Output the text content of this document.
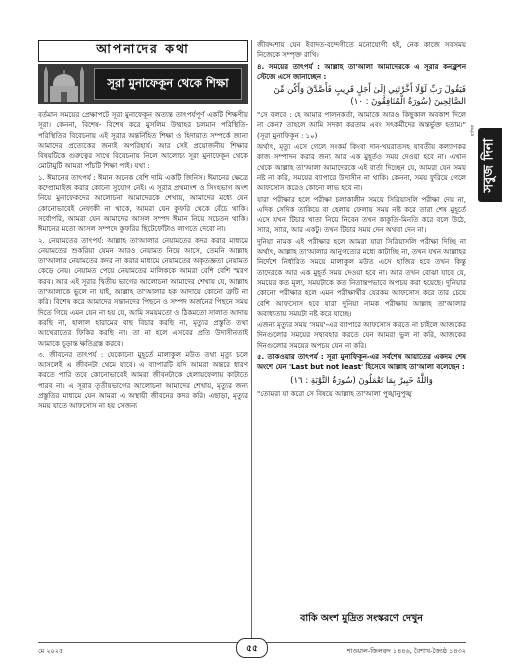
আপনাদের কথা
সূরা মুনাফেকূন থেকে শিক্ষা

বর্তমান সময়ের প্রেক্ষাপটে সূরা মুনাফেকূন অত্যন্ত তাৎপর্যপূর্ণ একটি শিক্ষণীয় সূরা। কেননা, বিশেষ- বিশেষ করে মুসলিম উম্মাহর চলমান পরিস্থিতি-পরিস্থিতির বিবেচনায় এই সূরার অন্তর্নিহিত শিক্ষা ও হিদায়াত সম্পর্কে জানা আমাদের প্রত্যেকের জন্যই অপরিহার্য। আর সেই প্রয়োজনীয় শিক্ষার বিষয়টিকে গুরুত্বের সাথে বিবেচনায় নিলে আলোচ্য সূরা মুনাফেকূন থেকে মোটামুটি আমরা পাঁচটি শিক্ষা পাই। যথা :

১. ঈমানের তাৎপর্য : ঈমান অনেক বেশি দামি একটি জিনিস। ঈমানের ক্ষেত্রে কম্প্রোমাইজ করার কোনো সুযোগ নেই। এ সূরার প্রথমাংশ ও সিংহভাগ অংশ নিয়ে মুনাফেকদের আলোচনা আমাদেরকে শেখায়, আমাদের মধ্যে যেন কোনোভাবেই নেফাকী না থাকে, আমরা যেন কুফরি থেকে বেঁচে থাকি। সর্বোপরি, আমরা যেন আমাদের আসল সম্পদ ঈমান নিয়ে সচেতন থাকি। ঈমানের মতো আসল সম্পদে কুফরির ছিটেফোঁটাও লাগতে দেবো না।

২. নেয়ামতের তাৎপর্য: আল্লাহ তা'আলার নেয়ামতের কদর করার মাধ্যমে নেয়ামতের শুকরিয়া যেমন আরও নেয়ামত নিয়ে আসে, তেমনি আল্লাহ তা'আলার নেয়ামতের কদর না করার মাধ্যমে নেয়ামতের অকৃতজ্ঞতা নেয়ামত কেড়ে নেয়। নেয়ামত পেয়ে নেয়ামতের মালিককে আমরা বেশি বেশি স্মরণ করব। আর এই সূরার দ্বিতীয় ভাগের আলোচনা আমাদের শেখায় যে, আল্লাহ তা'আলাকে ভুলে না যাই, আল্লাহ তা'আলার হক আদায়ে কোনো ত্রুটি না করি। বিশেষ করে আমাদের সন্তানদের পিছনে ও সম্পদ অর্জনের পিছনে সময় দিতে গিয়ে এমন যেন না হয় যে, আমি সময়মতো ও ঠিকমতো সালাত আদায় করছি না, হালাল হারামের বাছ বিচার করছি না, মৃত্যুর প্রস্তুতি তথা আখেরাতের ফিকির করছি না। তা না হলে এসবের প্রতি উদাসীনতাই আমাকে চূড়ান্ত ক্ষতিগ্রস্ত করবে।

৩. জীবনের তাৎপর্য : যেকোনো মুহূর্তে মালাকুল মউত তথা মৃত্যু চলে আসলেই এ জীবনটা থেমে যাবে। এ ব্যাপারটি যদি আমরা অন্তরে ধারণ করতে পারি তবে কোনোভাবেই আমরা জীবনটাকে হেলায়ফেলায় কাটাতে পারব না। এ সূরার তৃতীয়ভাগের আলোচনা আমাদের শেখায়, মৃত্যুর জন্য প্রস্তুতির মাধ্যমে যেন আমরা এ অস্থায়ী জীবনের কদর করি। এছাড়া, মৃত্যুর সময় যাতে আফসোস না হয় সেজন্য

জীবদ্দশায় যেন ইবাদত-বন্দেগীতে মনোযোগী হই, নেক কাজে সবসময় নিজেকে সম্পৃক্ত রাখি।

৪. সময়ের তাৎপর্য : আল্লাহ তা'আলা আমাদেরকে এ সূরার কনক্লুশন স্টেজে এসে জানাচ্ছেন :

فَيَقُولَ رَبِّ لَوْلَا أَخَّرْتَنِي إِلَىٰ أَجَلٍ قَرِيبٍ فَأَصَّدَّقَ وَأَكُن مِّنَ الصَّالِحِينَ (سُورَةُ الْمُنَافِقُونَ : ١٠)

"সে বলবে : হে আমার পালনকর্তা, আমাকে আরও কিছুকাল অবকাশ দিলে না কেন? তাহলে আমি সদকা করতাম এবং সৎকর্মীদের অন্তর্ভুক্ত হতাম।" (সূরা মুনাফিকূন : ১০)

অর্থাৎ, মৃত্যু এসে গেলে সংকর্ম কিংবা দান-খয়রাতসহ যাবতীয় কল্যাণকর কাজ সম্পাদন করার জন্য আর এক মুহূর্তও সময় দেওয়া হবে না। এখান থেকে আল্লাহ তা'আলা আমাদেরকে এই বার্তা দিচ্ছেন যে, আমরা যেন সময় নষ্ট না করি, সময়ের ব্যাপারে উদাসীন না থাকি। কেননা, সময় ফুরিয়ে গেলে আফসোস করেও কোনো লাভ হবে না।

যারা পরীক্ষার হলে পরীক্ষা চলাকালীন সময়ে সিরিয়াসলি পরীক্ষা দেয় না, এদিক সেদিক তাকিয়ে বা হেলায় ফেলায় সময় নষ্ট করে তারা শেষ মুহূর্তে এসে যখন টিচার খাতা নিয়ে নিবেন তখন কাকুতি-মিনতি করে বলে উঠে, স্যার, স্যার, আর একটু। তখন টিচার সময় দেন অথবা দেন না।

দুনিয়া নামক এই পরীক্ষার হলে আমরা যারা সিরিয়াসলি পরীক্ষা দিচ্ছি না অর্থাৎ, আল্লাহ তা'আলার আনুগত্যের মধ্যে কাটাচ্ছি না, তখন যখন আল্লাহর নির্দেশে নির্ধারিত সময়ে মালাকুল মউত এসে হাজির হবে তখন কিন্তু তাদেরকে আর এক মুহূর্ত সময় দেওয়া হবে না। আর তখন বোঝা যাবে যে, সময়ের কত মূল্য, সময়টাকে কত নিতান্তপভাবে অপচয় করা হয়েছে। দুনিয়ার কোনো পরীক্ষার হলে এমন পরীক্ষার্থীর যেরকম আফসোস করে তার চেয়ে বেশি আফসোস হবে যারা দুনিয়া নামক পরীক্ষায় আল্লাহ তা'আলার অবাধ্যতায় সময়টা নষ্ট করে যাচ্ছে।

এজন্য মৃত্যুর সময় 'সময়'-এর ব্যাপারে আফসোস করতে না চাইলে আজকের দিনগুলোর সময়ের সদ্ব্যবহার করতে যেন আমরা ভুল না করি, আজকের দিনগুলোর সময়ের অপচয় যেন না করি।

৫. তাকওয়ার তাৎপর্য : সূরা মুনাফিকূন-এর সর্বশেষ আয়াতের একদম শেষ অংশে যেন 'Last but not least' হিসেবে আল্লাহ তা'আলা বলেছেন :

وَاللَّهُ خَبِيرٌ بِمَا تَعْمَلُونَ (سُورَةُ التَّوْبَةِ : ١٦)

"তোমরা যা করো সে বিষয়ে আল্লাহ তা'আলা পুঙ্খানুপুঙ্খ

বাকি অংশ মুদ্রিত সংস্করণে দেখুন
সবুজ দিনা
মাসিক
মে ২০২৫	৫৫	শাওয়াল-জিলক্বদ ১৪৪৬, বৈশাখ-জ্যৈষ্ঠ ১৪৩২
